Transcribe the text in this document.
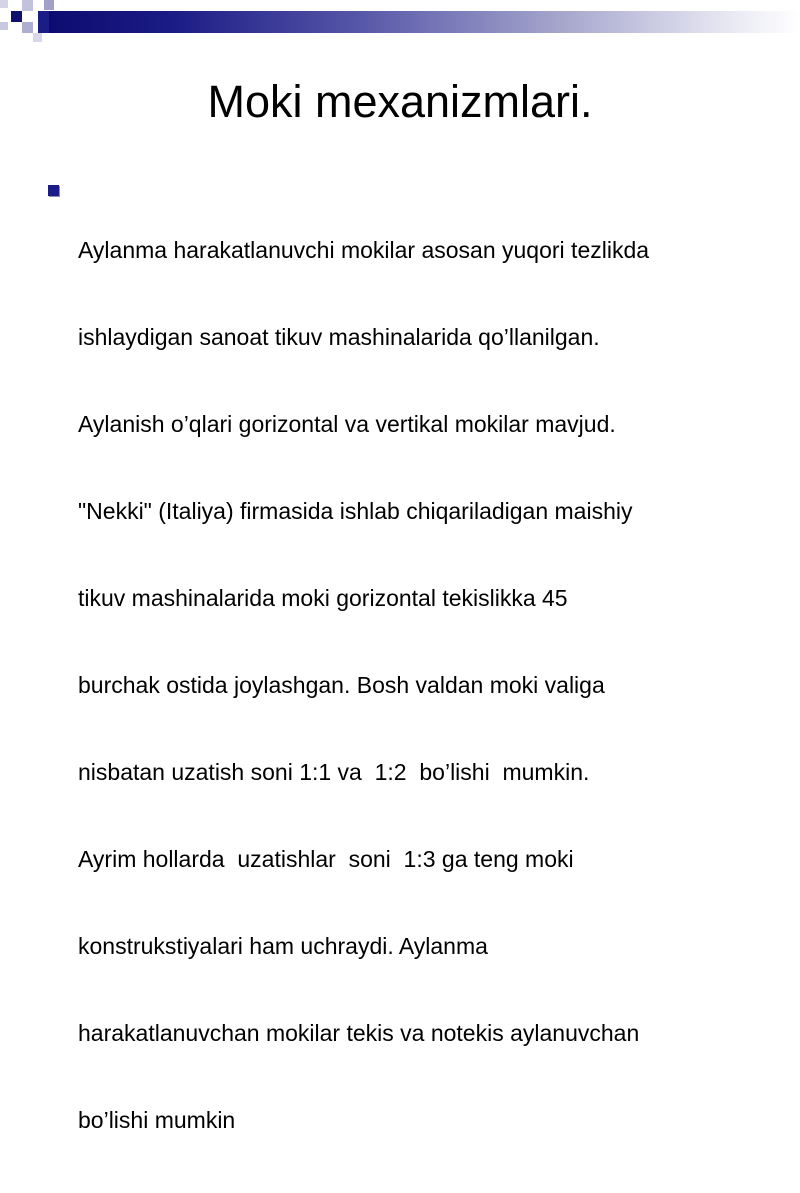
Moki mexanizmlari.

Aylanma harakatlanuvchi mokilar asosan yuqori tezlikda

ishlaydigan sanoat tikuv mashinalarida qo’llanilgan.

Aylanish o’qlari gorizontal va vertikal mokilar mavjud.

"Nekki" (Italiya) firmasida ishlab chiqariladigan maishiy

tikuv mashinalarida moki gorizontal tekislikka 45

burchak ostida joylashgan. Bosh valdan moki valiga

nisbatan uzatish soni 1:1 va  1:2  bo’lishi  mumkin.

Ayrim hollarda  uzatishlar  soni  1:3 ga teng moki

konstrukstiyalari ham uchraydi. Aylanma

harakatlanuvchan mokilar tekis va notekis aylanuvchan

bo’lishi mumkin
